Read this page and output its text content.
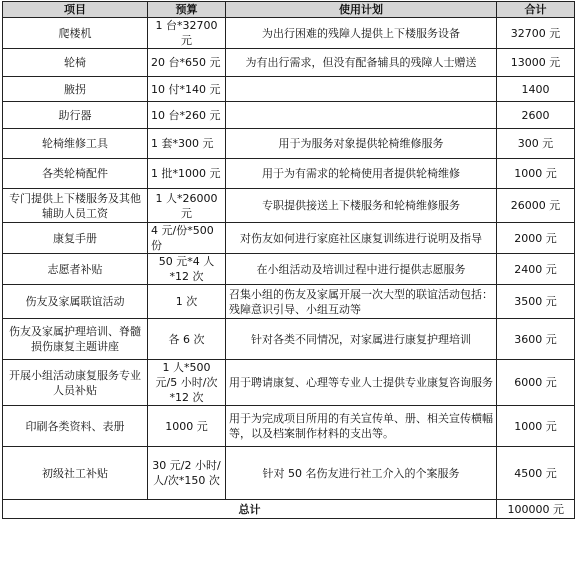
项目	预算	使用计划	合计
爬楼机	1 台*32700 元	为出行困难的残障人提供上下楼服务设备	32700 元
轮椅	20 台*650 元	为有出行需求，但没有配备辅具的残障人士赠送	13000 元
腋拐	10 付*140 元		1400
助行器	10 台*260 元		2600
轮椅维修工具	1 套*300 元	用于为服务对象提供轮椅维修服务	300 元
各类轮椅配件	1 批*1000 元	用于为有需求的轮椅使用者提供轮椅维修	1000 元
专门提供上下楼服务及其他辅助人员工资	1 人*26000 元	专职提供接送上下楼服务和轮椅维修服务	26000 元
康复手册	4 元/份*500 份	对伤友如何进行家庭社区康复训练进行说明及指导	2000 元
志愿者补贴	50 元*4 人*12 次	在小组活动及培训过程中进行提供志愿服务	2400 元
伤友及家属联谊活动	1 次	召集小组的伤友及家属开展一次大型的联谊活动包括：残障意识引导、小组互动等	3500 元
伤友及家属护理培训、脊髓损伤康复主题讲座	各 6 次	针对各类不同情况，对家属进行康复护理培训	3600 元
开展小组活动康复服务专业人员补贴	1 人*500 元/5 小时/次*12 次	用于聘请康复、心理等专业人士提供专业康复咨询服务	6000 元
印刷各类资料、表册	1000 元	用于为完成项目所用的有关宣传单、册、相关宣传横幅等，以及档案制作材料的支出等。	1000 元
初级社工补贴	30 元/2 小时/人/次*150 次	针对 50 名伤友进行社工介入的个案服务	4500 元
总计			100000 元
